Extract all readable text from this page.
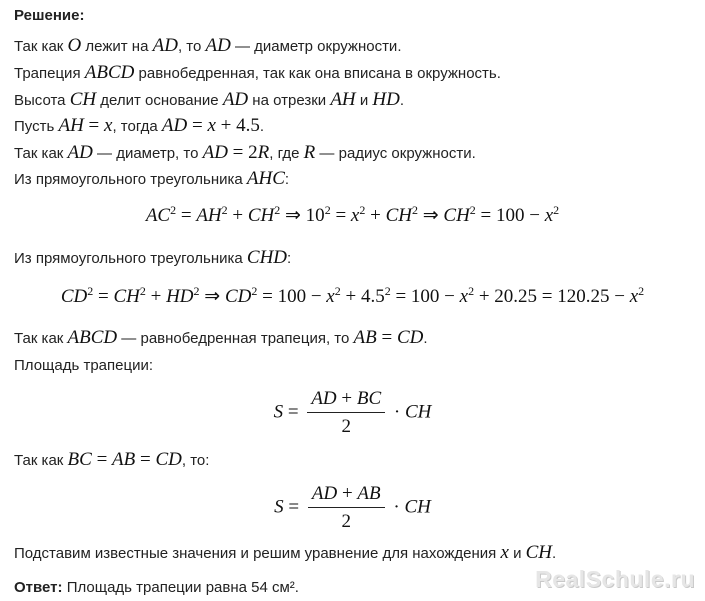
Решение:
Так как O лежит на AD, то AD — диаметр окружности.
Трапеция ABCD равнобедренная, так как она вписана в окружность.
Высота CH делит основание AD на отрезки AH и HD.
Пусть AH = x, тогда AD = x + 4.5.
Так как AD — диаметр, то AD = 2R, где R — радиус окружности.
Из прямоугольного треугольника AHC:
$AC^2 = AH^2 + CH^2$ ⇒ $10^2 = x^2 + CH^2$ ⇒ $CH^2 = 100 - x^2$
Из прямоугольного треугольника CHD:
$CD^2 = CH^2 + HD^2$ ⇒ $CD^2 = 100 - x^2 + 4.5^2 = 100 - x^2 + 20.25 = 120.25 - x^2$
Так как ABCD — равнобедренная трапеция, то AB = CD.
Площадь трапеции:
$S = \frac{AD + BC}{2}$ · CH
Так как BC = AB = CD, то:
$S = \frac{AD + AB}{2}$ · CH
Подставим известные значения и решим уравнение для нахождения x и CH.
Ответ: Площадь трапеции равна 54 см².	RealSchule.ru
